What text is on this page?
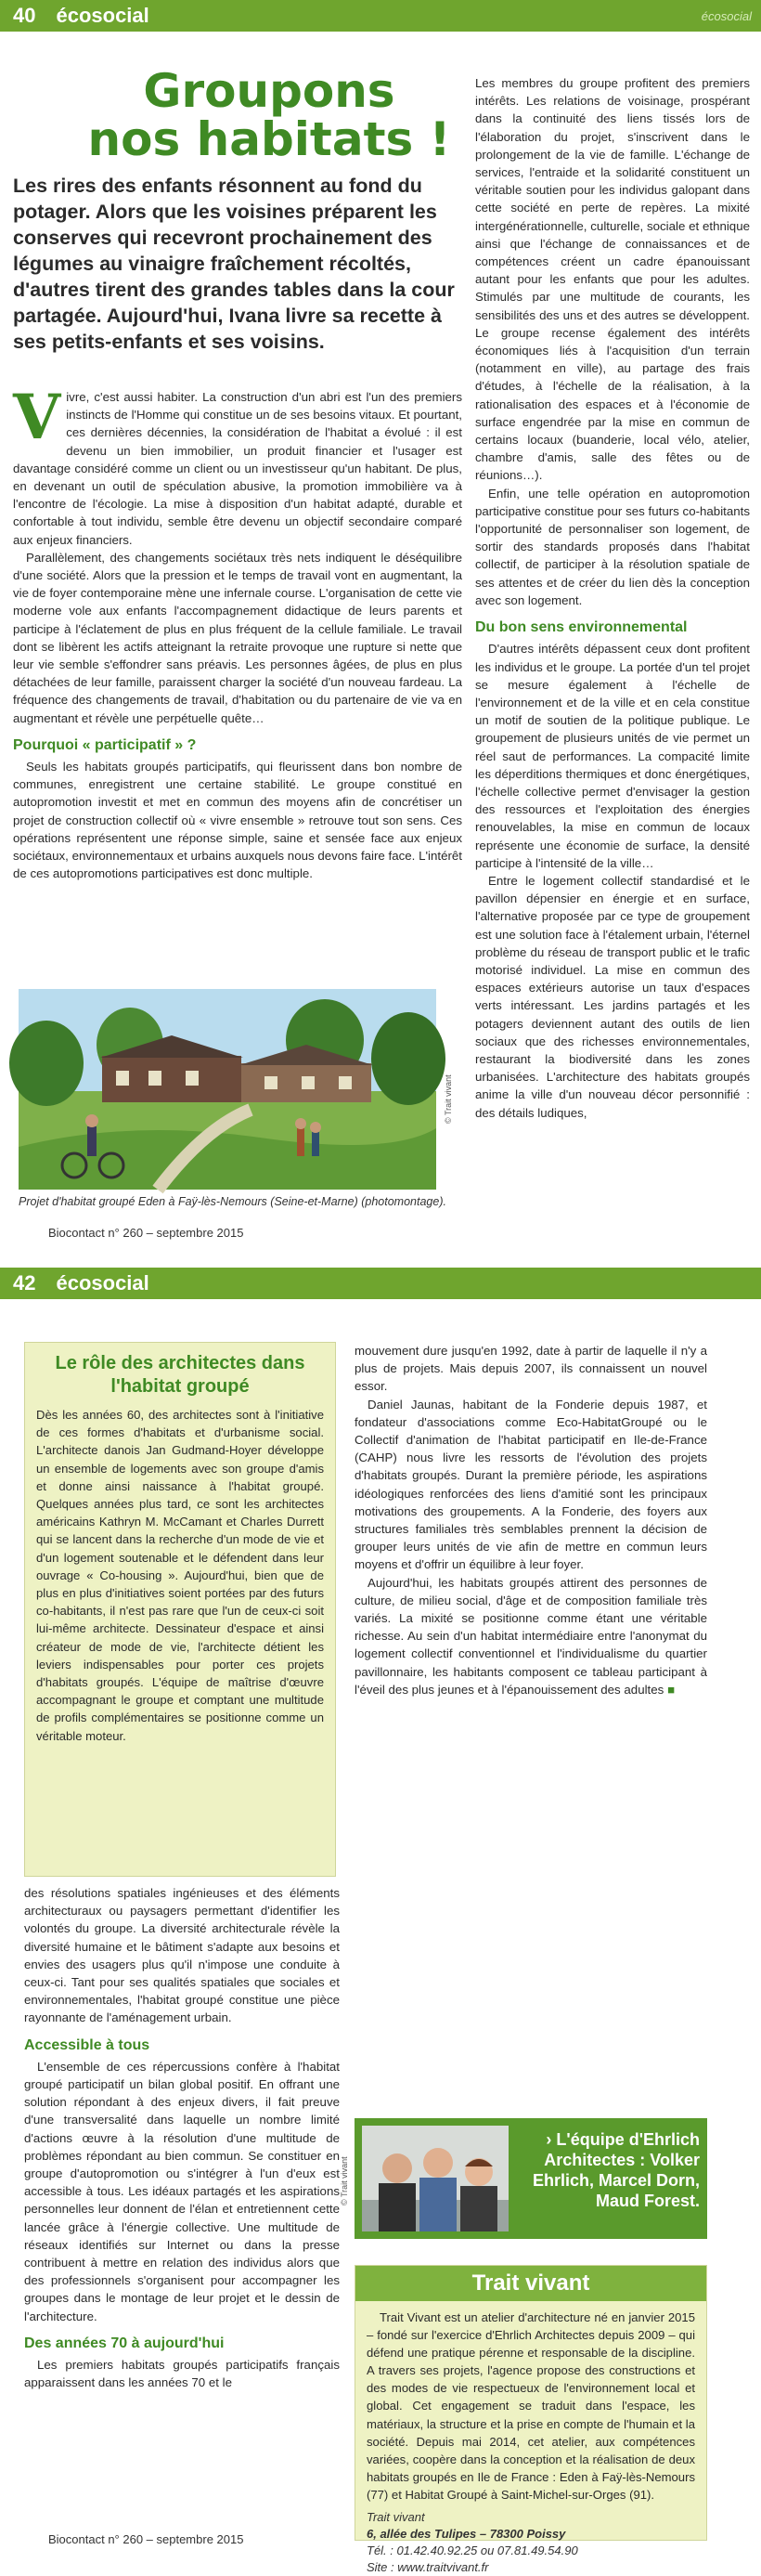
40 écosocial	écosocial
Groupons
nos habitats !
Les rires des enfants résonnent au fond du potager. Alors que les voisines préparent les conserves qui recevront prochainement des légumes au vinaigre fraîchement récoltés, d'autres tirent des grandes tables dans la cour partagée. Aujourd'hui, Ivana livre sa recette à ses petits-enfants et ses voisins.

Vivre, c'est aussi habiter. La construction d'un abri est l'un des premiers instincts de l'Homme qui constitue un de ses besoins vitaux. Et pourtant, ces dernières décennies, la considération de l'habitat a évolué : il est devenu un bien immobilier, un produit financier et l'usager est davantage considéré comme un client ou un investisseur qu'un habitant. De plus, en devenant un outil de spéculation abusive, la promotion immobilière va à l'encontre de l'écologie. La mise à disposition d'un habitat adapté, durable et confortable à tout individu, semble être devenu un objectif secondaire comparé aux enjeux financiers.

Parallèlement, des changements sociétaux très nets indiquent le déséquilibre d'une société. Alors que la pression et le temps de travail vont en augmentant, la vie de foyer contemporaine mène une infernale course. L'organisation de cette vie moderne vole aux enfants l'accompagnement didactique de leurs parents et participe à l'éclatement de plus en plus fréquent de la cellule familiale. Le travail dont se libèrent les actifs atteignant la retraite provoque une rupture si nette que leur vie semble s'effondrer sans préavis. Les personnes âgées, de plus en plus détachées de leur famille, paraissent charger la société d'un nouveau fardeau. La fréquence des changements de travail, d'habitation ou du partenaire de vie va en augmentant et révèle une perpétuelle quête…

Pourquoi « participatif » ?

Seuls les habitats groupés participatifs, qui fleurissent dans bon nombre de communes, enregistrent une certaine stabilité. Le groupe constitué en autopromotion investit et met en commun des moyens afin de concrétiser un projet de construction collectif où « vivre ensemble » retrouve tout son sens. Ces opérations représentent une réponse simple, saine et sensée face aux enjeux sociétaux, environnementaux et urbains auxquels nous devons faire face. L'intérêt de ces autopromotions participatives est donc multiple.

© Trait vivant
Projet d'habitat groupé Eden à Faÿ-lès-Nemours (Seine-et-Marne) (photomontage).
Biocontact n° 260 – septembre 2015

Les membres du groupe profitent des premiers intérêts. Les relations de voisinage, prospérant dans la continuité des liens tissés lors de l'élaboration du projet, s'inscrivent dans le prolongement de la vie de famille. L'échange de services, l'entraide et la solidarité constituent un véritable soutien pour les individus galopant dans cette société en perte de repères. La mixité intergénérationnelle, culturelle, sociale et ethnique ainsi que l'échange de connaissances et de compétences créent un cadre épanouissant autant pour les enfants que pour les adultes. Stimulés par une multitude de courants, les sensibilités des uns et des autres se développent. Le groupe recense également des intérêts économiques liés à l'acquisition d'un terrain (notamment en ville), au partage des frais d'études, à l'échelle de la réalisation, à la rationalisation des espaces et à l'économie de surface engendrée par la mise en commun de certains locaux (buanderie, local vélo, atelier, chambre d'amis, salle des fêtes ou de réunions…).

Enfin, une telle opération en autopromotion participative constitue pour ses futurs co-habitants l'opportunité de personnaliser son logement, de sortir des standards proposés dans l'habitat collectif, de participer à la résolution spatiale de ses attentes et de créer du lien dès la conception avec son logement.

Du bon sens environnemental

D'autres intérêts dépassent ceux dont profitent les individus et le groupe. La portée d'un tel projet se mesure également à l'échelle de l'environnement et de la ville et en cela constitue un motif de soutien de la politique publique. Le groupement de plusieurs unités de vie permet un réel saut de performances. La compacité limite les déperditions thermiques et donc énergétiques, l'échelle collective permet d'envisager la gestion des ressources et l'exploitation des énergies renouvelables, la mise en commun de locaux représente une économie de surface, la densité participe à l'intensité de la ville…

Entre le logement collectif standardisé et le pavillon dépensier en énergie et en surface, l'alternative proposée par ce type de groupement est une solution face à l'étalement urbain, l'éternel problème du réseau de transport public et le trafic motorisé individuel. La mise en commun des espaces extérieurs autorise un taux d'espaces verts intéressant. Les jardins partagés et les potagers deviennent autant des outils de lien sociaux que des richesses environnementales, restaurant la biodiversité dans les zones urbanisées. L'architecture des habitats groupés anime la ville d'un nouveau décor personnifié : des détails ludiques,

42 écosocial
Le rôle des architectes dans l'habitat groupé
Dès les années 60, des architectes sont à l'initiative de ces formes d'habitats et d'urbanisme social. L'architecte danois Jan Gudmand-Hoyer développe un ensemble de logements avec son groupe d'amis et donne ainsi naissance à l'habitat groupé. Quelques années plus tard, ce sont les architectes américains Kathryn M. McCamant et Charles Durrett qui se lancent dans la recherche d'un mode de vie et d'un logement soutenable et le défendent dans leur ouvrage « Co-housing ». Aujourd'hui, bien que de plus en plus d'initiatives soient portées par des futurs co-habitants, il n'est pas rare que l'un de ceux-ci soit lui-même architecte. Dessinateur d'espace et ainsi créateur de mode de vie, l'architecte détient les leviers indispensables pour porter ces projets d'habitats groupés. L'équipe de maîtrise d'œuvre accompagnant le groupe et comptant une multitude de profils complémentaires se positionne comme un véritable moteur.

des résolutions spatiales ingénieuses et des éléments architecturaux ou paysagers permettant d'identifier les volontés du groupe. La diversité architecturale révèle la diversité humaine et le bâtiment s'adapte aux besoins et envies des usagers plus qu'il n'impose une conduite à ceux-ci. Tant pour ses qualités spatiales que sociales et environnementales, l'habitat groupé constitue une pièce rayonnante de l'aménagement urbain.

Accessible à tous

L'ensemble de ces répercussions confère à l'habitat groupé participatif un bilan global positif. En offrant une solution répondant à des enjeux divers, il fait preuve d'une transversalité dans laquelle un nombre limité d'actions œuvre à la résolution d'une multitude de problèmes répondant au bien commun. Se constituer en groupe d'autopromotion ou s'intégrer à l'un d'eux est accessible à tous. Les idéaux partagés et les aspirations personnelles leur donnent de l'élan et entretiennent cette lancée grâce à l'énergie collective. Une multitude de réseaux identifiés sur Internet ou dans la presse contribuent à mettre en relation des individus alors que des professionnels s'organisent pour accompagner les groupes dans le montage de leur projet et le dessin de l'architecture.

Des années 70 à aujourd'hui

Les premiers habitats groupés participatifs français apparaissent dans les années 70 et le

mouvement dure jusqu'en 1992, date à partir de laquelle il n'y a plus de projets. Mais depuis 2007, ils connaissent un nouvel essor.

Daniel Jaunas, habitant de la Fonderie depuis 1987, et fondateur d'associations comme Eco-HabitatGroupé ou le Collectif d'animation de l'habitat participatif en Ile-de-France (CAHP) nous livre les ressorts de l'évolution des projets d'habitats groupés. Durant la première période, les aspirations idéologiques renforcées des liens d'amitié sont les principaux motivations des groupements. A la Fonderie, des foyers aux structures familiales très semblables prennent la décision de grouper leurs unités de vie afin de mettre en commun leurs moyens et d'offrir un équilibre à leur foyer.

Aujourd'hui, les habitats groupés attirent des personnes de culture, de milieu social, d'âge et de composition familiale très variés. La mixité se positionne comme étant une véritable richesse. Au sein d'un habitat intermédiaire entre l'anonymat du logement collectif conventionnel et l'individualisme du quartier pavillonnaire, les habitants composent ce tableau participant à l'éveil des plus jeunes et à l'épanouissement des adultes ■

› L'équipe d'Ehrlich Architectes : Volker Ehrlich, Marcel Dorn, Maud Forest.
© Trait vivant
Trait vivant
Trait Vivant est un atelier d'architecture né en janvier 2015 – fondé sur l'exercice d'Ehrlich Architectes depuis 2009 – qui défend une pratique pérenne et responsable de la discipline. A travers ses projets, l'agence propose des constructions et des modes de vie respectueux de l'environnement local et global. Cet engagement se traduit dans l'espace, les matériaux, la structure et la prise en compte de l'humain et la société. Depuis mai 2014, cet atelier, aux compétences variées, coopère dans la conception et la réalisation de deux habitats groupés en Ile de France : Eden à Faÿ-lès-Nemours (77) et Habitat Groupé à Saint-Michel-sur-Orges (91).
Trait vivant
6, allée des Tulipes – 78300 Poissy
Tél. : 01.42.40.92.25 ou 07.81.49.54.90
Site : www.traitvivant.fr
Biocontact n° 260 – septembre 2015
